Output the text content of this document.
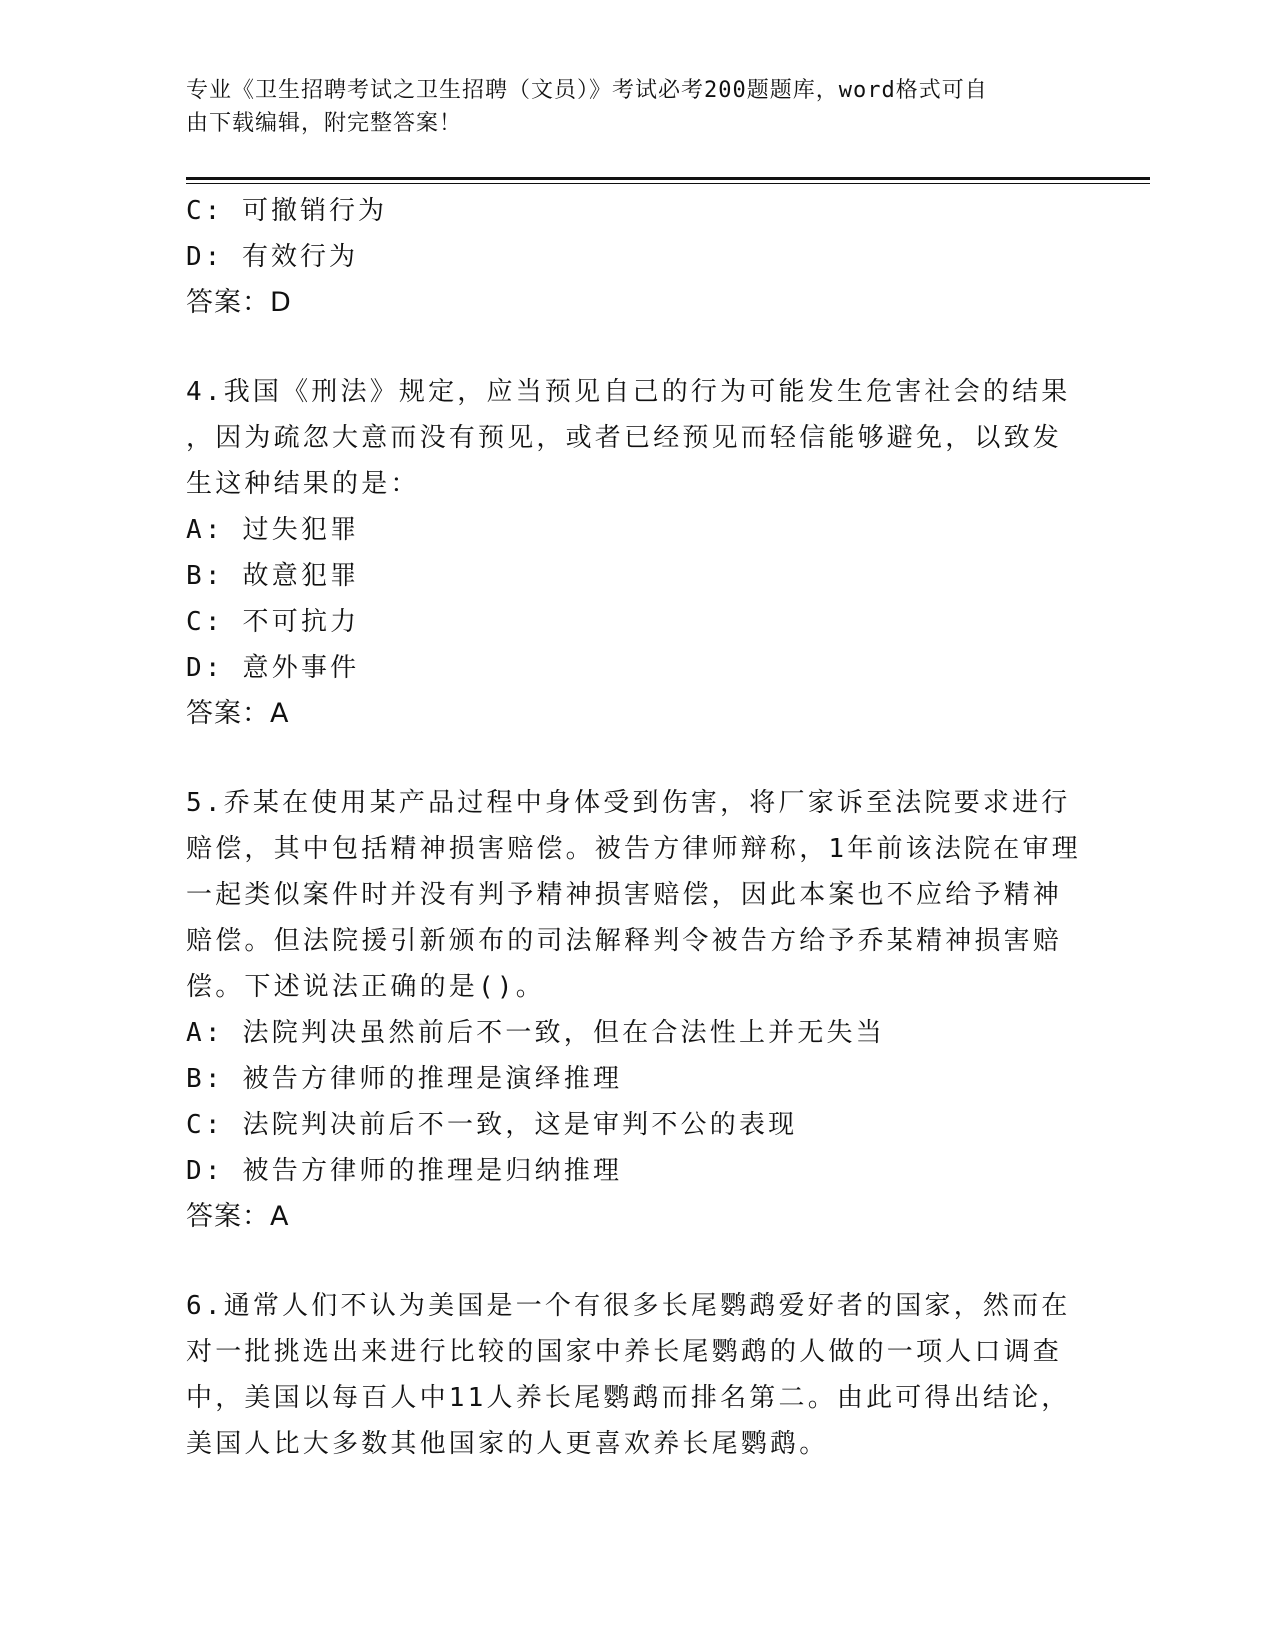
专业《卫生招聘考试之卫生招聘（文员）》考试必考200题题库，word格式可自
由下载编辑，附完整答案！
C: 可撤销行为
D: 有效行为
答案：D
4.我国《刑法》规定，应当预见自己的行为可能发生危害社会的结果
，因为疏忽大意而没有预见，或者已经预见而轻信能够避免，以致发
生这种结果的是：
A: 过失犯罪
B: 故意犯罪
C: 不可抗力
D: 意外事件
答案：A
5.乔某在使用某产品过程中身体受到伤害，将厂家诉至法院要求进行
赔偿，其中包括精神损害赔偿。被告方律师辩称，1年前该法院在审理
一起类似案件时并没有判予精神损害赔偿，因此本案也不应给予精神
赔偿。但法院援引新颁布的司法解释判令被告方给予乔某精神损害赔
偿。下述说法正确的是()。
A: 法院判决虽然前后不一致，但在合法性上并无失当
B: 被告方律师的推理是演绎推理
C: 法院判决前后不一致，这是审判不公的表现
D: 被告方律师的推理是归纳推理
答案：A
6.通常人们不认为美国是一个有很多长尾鹦鹉爱好者的国家，然而在
对一批挑选出来进行比较的国家中养长尾鹦鹉的人做的一项人口调查
中，美国以每百人中11人养长尾鹦鹉而排名第二。由此可得出结论，
美国人比大多数其他国家的人更喜欢养长尾鹦鹉。
